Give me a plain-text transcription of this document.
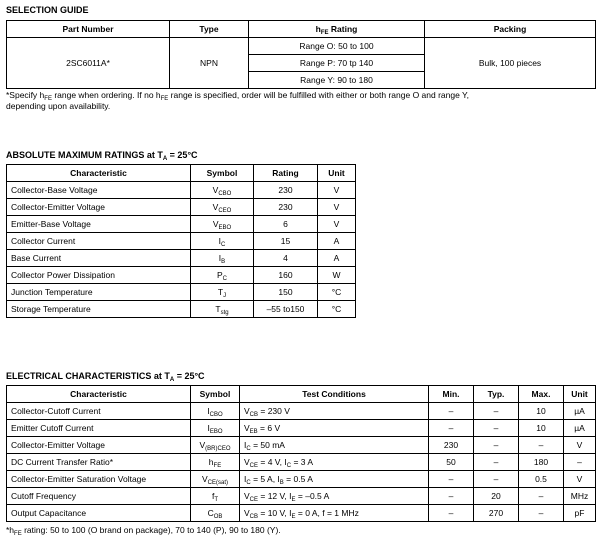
SELECTION GUIDE
Part Number	Type	$h_{FE}$ Rating	Packing
2SC6011A*	NPN	Range O: 50 to 100	Bulk, 100 pieces
		Range P: 70 tp 140	
		Range Y: 90 to 180	
*Specify $h_{FE}$ range when ordering. If no $h_{FE}$ range is specified, order will be fulfilled with either or both range O and range Y,
depending upon availability.
ABSOLUTE MAXIMUM RATINGS at $T_A = 25^\circ C$
Characteristic	Symbol	Rating	Unit
Collector-Base Voltage	$V_{CBO}$	230	V
Collector-Emitter Voltage	$V_{CEO}$	230	V
Emitter-Base Voltage	$V_{EBO}$	6	V
Collector Current	$I_C$	15	A
Base Current	$I_B$	4	A
Collector Power Dissipation	$P_C$	160	W
Junction Temperature	$T_J$	150	°C
Storage Temperature	$T_{stg}$	–55 to150	°C
ELECTRICAL CHARACTERISTICS at $T_A = 25^\circ C$
Characteristic	Symbol	Test Conditions	Min.	Typ.	Max.	Unit
Collector-Cutoff Current	$I_{CBO}$	$V_{CB} = 230$ V	–	–	10	µA
Emitter Cutoff Current	$I_{EBO}$	$V_{EB} = 6$ V	–	–	10	µA
Collector-Emitter Voltage	$V_{(BR)CEO}$	$I_C = 50$ mA	230	–	–	V
DC Current Transfer Ratio*	$h_{FE}$	$V_{CE} = 4$ V, $I_C = 3$ A	50	–	180	–
Collector-Emitter Saturation Voltage	$V_{CE(sat)}$	$I_C = 5$ A, $I_B = 0.5$ A	–	–	0.5	V
Cutoff Frequency	$f_T$	$V_{CE} = 12$ V, $I_E = -0.5$ A	–	20	–	MHz
Output Capacitance	$C_{OB}$	$V_{CB} = 10$ V, $I_E = 0$ A, f = 1 MHz	–	270	–	pF
$*h_{FE}$ rating: 50 to 100 (O brand on package), 70 to 140 (P), 90 to 180 (Y).
